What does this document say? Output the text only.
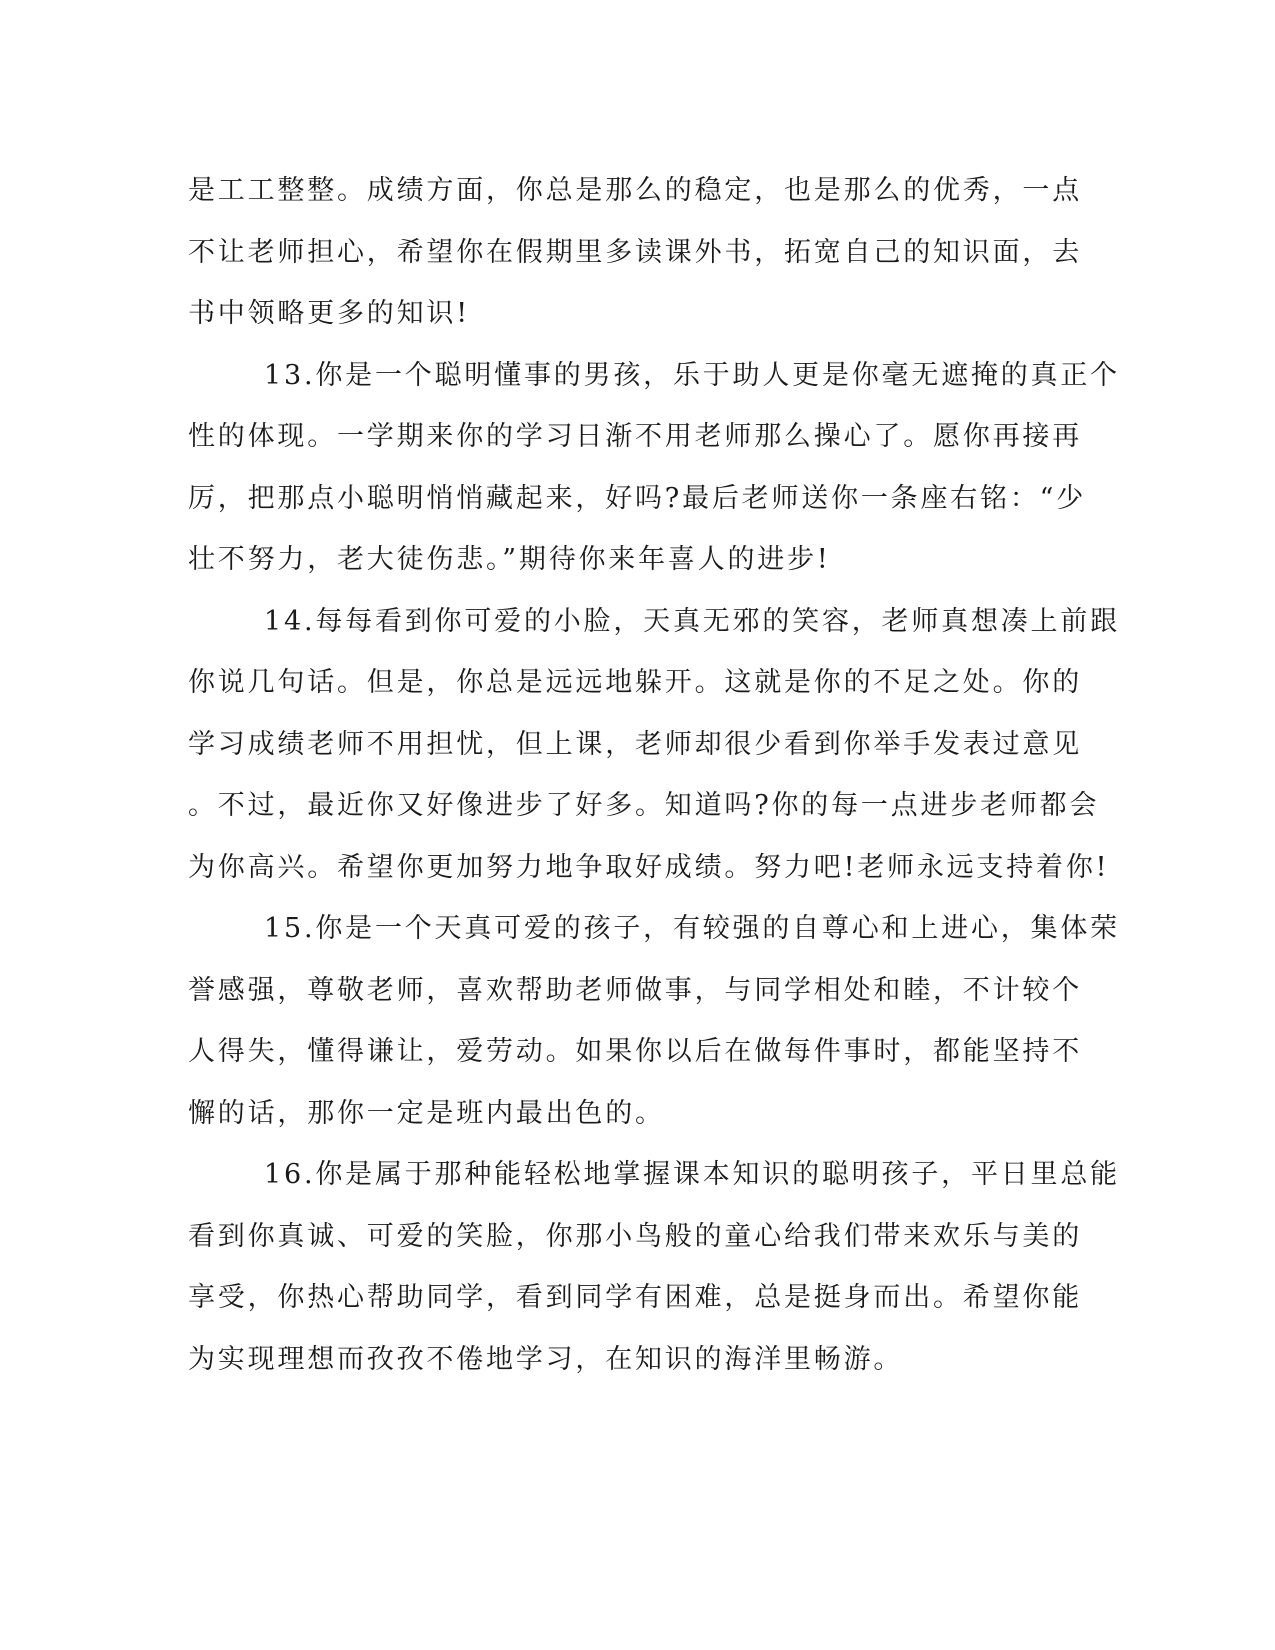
是工工整整。成绩方面，你总是那么的稳定，也是那么的优秀，一点
不让老师担心，希望你在假期里多读课外书，拓宽自己的知识面，去
书中领略更多的知识!
13.你是一个聪明懂事的男孩，乐于助人更是你毫无遮掩的真正个
性的体现。一学期来你的学习日渐不用老师那么操心了。愿你再接再
厉，把那点小聪明悄悄藏起来，好吗?最后老师送你一条座右铭：“少
壮不努力，老大徒伤悲。”期待你来年喜人的进步!
14.每每看到你可爱的小脸，天真无邪的笑容，老师真想凑上前跟
你说几句话。但是，你总是远远地躲开。这就是你的不足之处。你的
学习成绩老师不用担忧，但上课，老师却很少看到你举手发表过意见
。不过，最近你又好像进步了好多。知道吗?你的每一点进步老师都会
为你高兴。希望你更加努力地争取好成绩。努力吧!老师永远支持着你!
15.你是一个天真可爱的孩子，有较强的自尊心和上进心，集体荣
誉感强，尊敬老师，喜欢帮助老师做事，与同学相处和睦，不计较个
人得失，懂得谦让，爱劳动。如果你以后在做每件事时，都能坚持不
懈的话，那你一定是班内最出色的。
16.你是属于那种能轻松地掌握课本知识的聪明孩子，平日里总能
看到你真诚、可爱的笑脸，你那小鸟般的童心给我们带来欢乐与美的
享受，你热心帮助同学，看到同学有困难，总是挺身而出。希望你能
为实现理想而孜孜不倦地学习，在知识的海洋里畅游。
